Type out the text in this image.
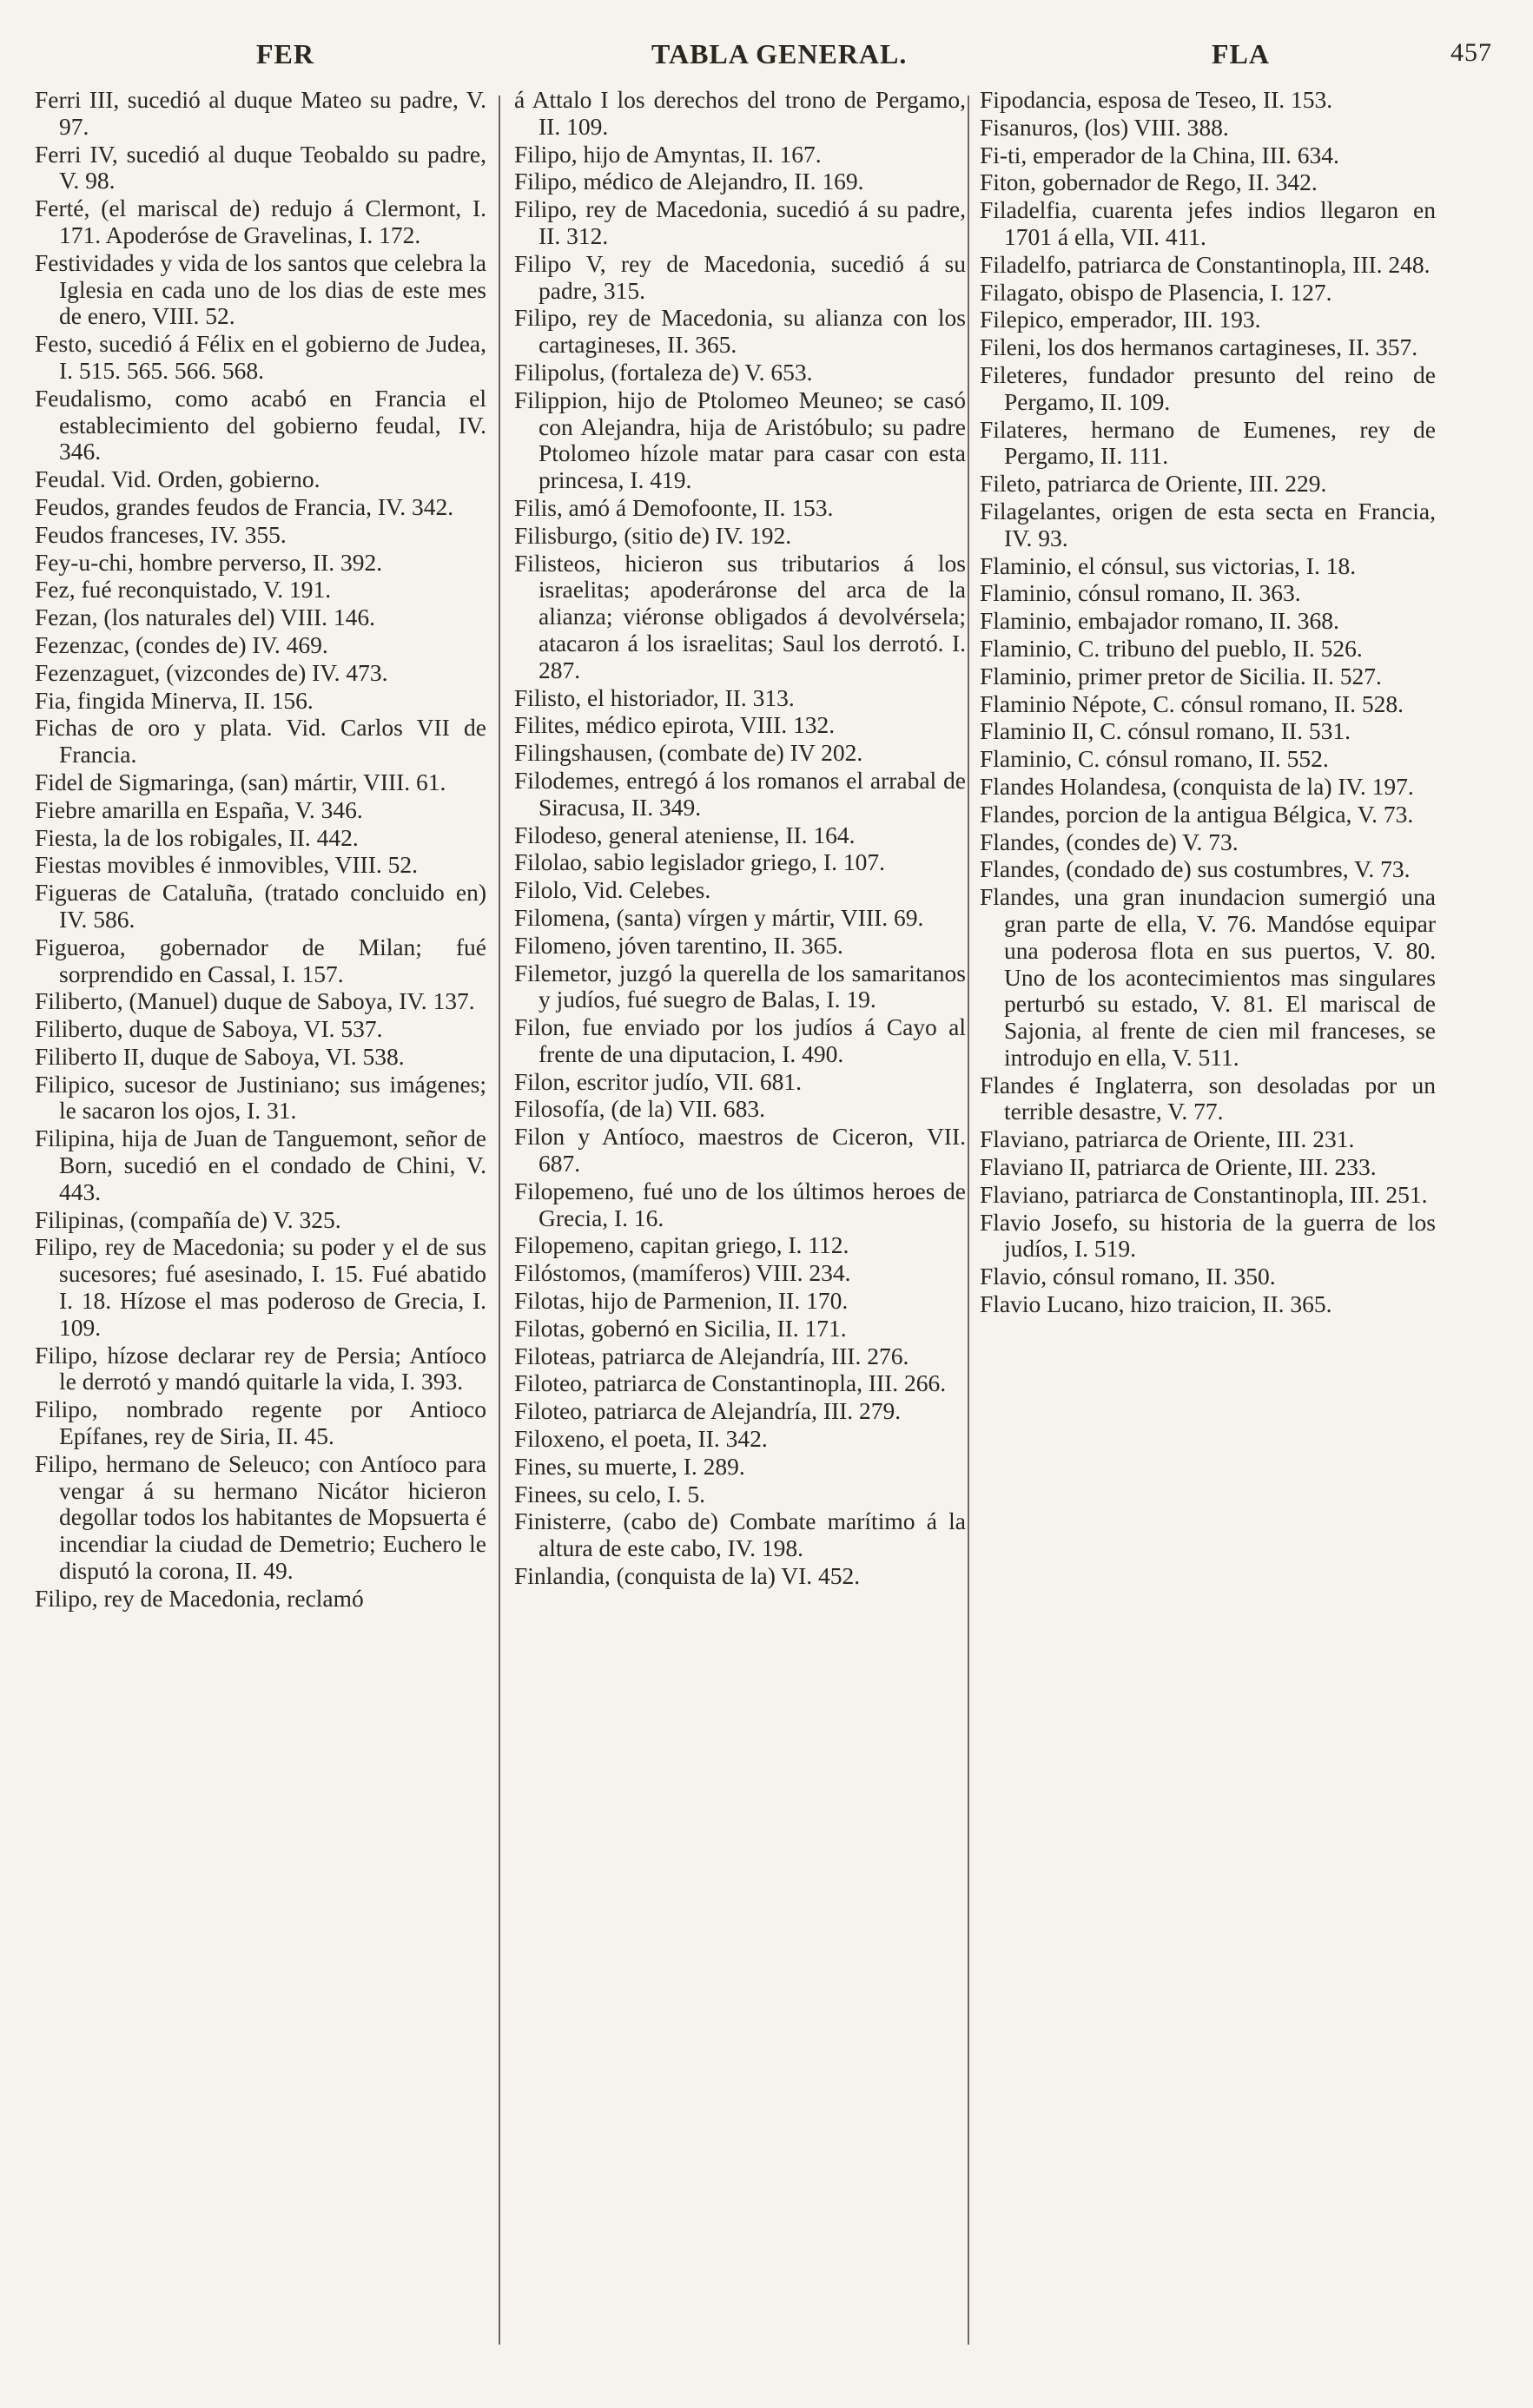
FER	TABLA GENERAL.	FLA	457
Ferri III, sucedió al duque Mateo su padre, V. 97.
Ferri IV, sucedió al duque Teobaldo su padre, V. 98.
Ferté, (el mariscal de) redujo á Clermont, I. 171. Apoderóse de Gravelinas, I. 172.
Festividades y vida de los santos que celebra la Iglesia en cada uno de los dias de este mes de enero, VIII. 52.
Festo, sucedió á Félix en el gobierno de Judea, I. 515. 565. 566. 568.
Feudalismo, como acabó en Francia el establecimiento del gobierno feudal, IV. 346.
Feudal. Vid. Orden, gobierno.
Feudos, grandes feudos de Francia, IV. 342.
Feudos franceses, IV. 355.
Fey-u-chi, hombre perverso, II. 392.
Fez, fué reconquistado, V. 191.
Fezan, (los naturales del) VIII. 146.
Fezenzac, (condes de) IV. 469.
Fezenzaguet, (vizcondes de) IV. 473.
Fia, fingida Minerva, II. 156.
Fichas de oro y plata. Vid. Carlos VII de Francia.
Fidel de Sigmaringa, (san) mártir, VIII. 61.
Fiebre amarilla en España, V. 346.
Fiesta, la de los robigales, II. 442.
Fiestas movibles é inmovibles, VIII. 52.
Figueras de Cataluña, (tratado concluido en) IV. 586.
Figueroa, gobernador de Milan; fué sorprendido en Cassal, I. 157.
Filiberto, (Manuel) duque de Saboya, IV. 137.
Filiberto, duque de Saboya, VI. 537.
Filiberto II, duque de Saboya, VI. 538.
Filipico, sucesor de Justiniano; sus imágenes; le sacaron los ojos, I. 31.
Filipina, hija de Juan de Tanguemont, señor de Born, sucedió en el condado de Chini, V. 443.
Filipinas, (compañía de) V. 325.
Filipo, rey de Macedonia; su poder y el de sus sucesores; fué asesinado, I. 15. Fué abatido I. 18. Hízose el mas poderoso de Grecia, I. 109.
Filipo, hízose declarar rey de Persia; Antíoco le derrotó y mandó quitarle la vida, I. 393.
Filipo, nombrado regente por Antioco Epífanes, rey de Siria, II. 45.
Filipo, hermano de Seleuco; con Antíoco para vengar á su hermano Nicátor hicieron degollar todos los habitantes de Mopsuerta é incendiar la ciudad de Demetrio; Euchero le disputó la corona, II. 49.
Filipo, rey de Macedonia, reclamó
á Attalo I los derechos del trono de Pergamo, II. 109.
Filipo, hijo de Amyntas, II. 167.
Filipo, médico de Alejandro, II. 169.
Filipo, rey de Macedonia, sucedió á su padre, II. 312.
Filipo V, rey de Macedonia, sucedió á su padre, 315.
Filipo, rey de Macedonia, su alianza con los cartagineses, II. 365.
Filipolus, (fortaleza de) V. 653.
Filippion, hijo de Ptolomeo Meuneo; se casó con Alejandra, hija de Aristóbulo; su padre Ptolomeo hízole matar para casar con esta princesa, I. 419.
Filis, amó á Demofoonte, II. 153.
Filisburgo, (sitio de) IV. 192.
Filisteos, hicieron sus tributarios á los israelitas; apoderáronse del arca de la alianza; viéronse obligados á devolvérsela; atacaron á los israelitas; Saul los derrotó. I. 287.
Filisto, el historiador, II. 313.
Filites, médico epirota, VIII. 132.
Filingshausen, (combate de) IV 202.
Filodemes, entregó á los romanos el arrabal de Siracusa, II. 349.
Filodeso, general ateniense, II. 164.
Filolao, sabio legislador griego, I. 107.
Filolo, Vid. Celebes.
Filomena, (santa) vírgen y mártir, VIII. 69.
Filomeno, jóven tarentino, II. 365.
Filemetor, juzgó la querella de los samaritanos y judíos, fué suegro de Balas, I. 19.
Filon, fue enviado por los judíos á Cayo al frente de una diputacion, I. 490.
Filon, escritor judío, VII. 681.
Filosofía, (de la) VII. 683.
Filon y Antíoco, maestros de Ciceron, VII. 687.
Filopemeno, fué uno de los últimos heroes de Grecia, I. 16.
Filopemeno, capitan griego, I. 112.
Filóstomos, (mamíferos) VIII. 234.
Filotas, hijo de Parmenion, II. 170.
Filotas, gobernó en Sicilia, II. 171.
Filoteas, patriarca de Alejandría, III. 276.
Filoteo, patriarca de Constantinopla, III. 266.
Filoteo, patriarca de Alejandría, III. 279.
Filoxeno, el poeta, II. 342.
Fines, su muerte, I. 289.
Finees, su celo, I. 5.
Finisterre, (cabo de) Combate marítimo á la altura de este cabo, IV. 198.
Finlandia, (conquista de la) VI. 452.
Fipodancia, esposa de Teseo, II. 153.
Fisanuros, (los) VIII. 388.
Fi-ti, emperador de la China, III. 634.
Fiton, gobernador de Rego, II. 342.
Filadelfia, cuarenta jefes indios llegaron en 1701 á ella, VII. 411.
Filadelfo, patriarca de Constantinopla, III. 248.
Filagato, obispo de Plasencia, I. 127.
Filepico, emperador, III. 193.
Fileni, los dos hermanos cartagineses, II. 357.
Fileteres, fundador presunto del reino de Pergamo, II. 109.
Filateres, hermano de Eumenes, rey de Pergamo, II. 111.
Fileto, patriarca de Oriente, III. 229.
Filagelantes, origen de esta secta en Francia, IV. 93.
Flaminio, el cónsul, sus victorias, I. 18.
Flaminio, cónsul romano, II. 363.
Flaminio, embajador romano, II. 368.
Flaminio, C. tribuno del pueblo, II. 526.
Flaminio, primer pretor de Sicilia. II. 527.
Flaminio Népote, C. cónsul romano, II. 528.
Flaminio II, C. cónsul romano, II. 531.
Flaminio, C. cónsul romano, II. 552.
Flandes Holandesa, (conquista de la) IV. 197.
Flandes, porcion de la antigua Bélgica, V. 73.
Flandes, (condes de) V. 73.
Flandes, (condado de) sus costumbres, V. 73.
Flandes, una gran inundacion sumergió una gran parte de ella, V. 76. Mandóse equipar una poderosa flota en sus puertos, V. 80. Uno de los acontecimientos mas singulares perturbó su estado, V. 81. El mariscal de Sajonia, al frente de cien mil franceses, se introdujo en ella, V. 511.
Flandes é Inglaterra, son desoladas por un terrible desastre, V. 77.
Flaviano, patriarca de Oriente, III. 231.
Flaviano II, patriarca de Oriente, III. 233.
Flaviano, patriarca de Constantinopla, III. 251.
Flavio Josefo, su historia de la guerra de los judíos, I. 519.
Flavio, cónsul romano, II. 350.
Flavio Lucano, hizo traicion, II. 365.
